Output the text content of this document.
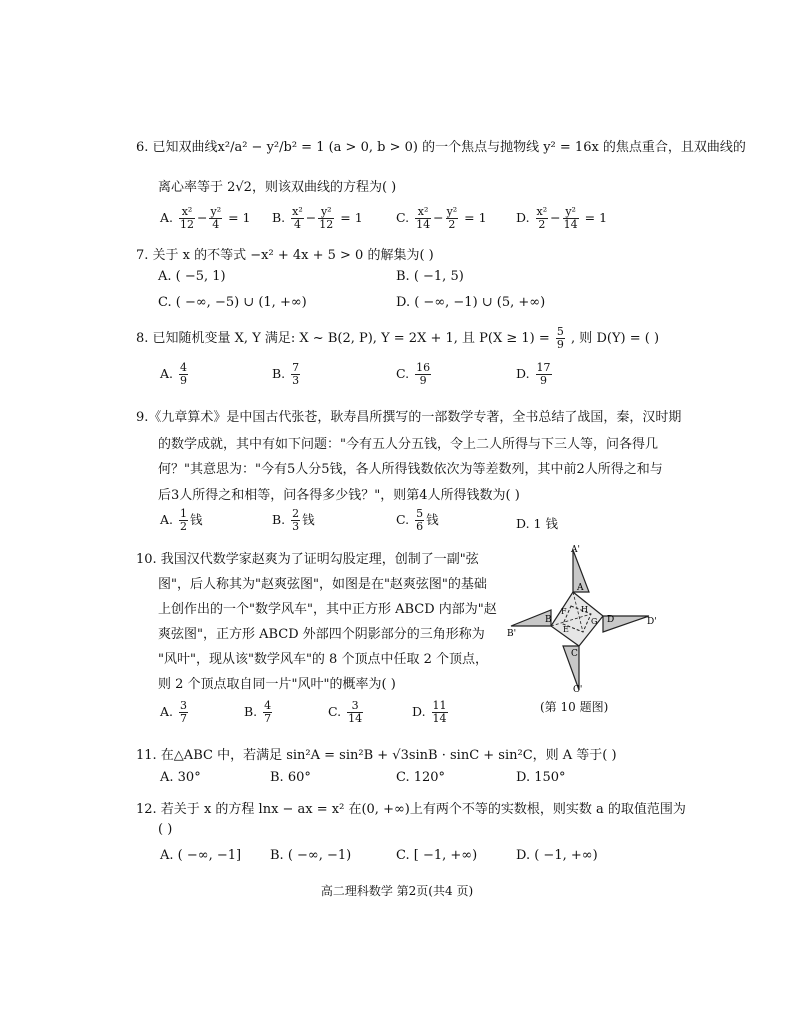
6. 已知双曲线x²/a² − y²/b² = 1 (a > 0, b > 0) 的一个焦点与抛物线 y² = 16x 的焦点重合，且双曲线的
离心率等于 2√2，则该双曲线的方程为( )
A. $\frac{\text{x²}}{12} - \frac{\text{y²}}{4} = 1$ B. $\frac{\text{x²}}{4} - \frac{\text{y²}}{12} = 1$	C. $\frac{\text{x²}}{14} - \frac{\text{y²}}{2} = 1$ D. $\frac{\text{x²}}{2} - \frac{\text{y²}}{14} = 1$
7. 关于 x 的不等式 −x² + 4x + 5 > 0 的解集为( )
A. ( −5, 1)	B. ( −1, 5)
C. ( −∞, −5) ∪ (1, +∞)	D. ( −∞, −1) ∪ (5, +∞)
8. 已知随机变量 X, Y 满足: X ~ B(2, P), Y = 2X + 1, 且 $P(X \ge 1) = \frac{5}{9}$ , 则 D(Y) = ( )
A. $\frac{4}{9}$	B. $\frac{7}{3}$	C. $\frac{16}{9}$	D. $\frac{17}{9}$
9.《九章算术》是中国古代张苍，耿寿昌所撰写的一部数学专著，全书总结了战国，秦，汉时期
的数学成就，其中有如下问题："今有五人分五钱，令上二人所得与下三人等，问各得几
何？"其意思为："今有5人分5钱，各人所得钱数依次为等差数列，其中前2人所得之和与
后3人所得之和相等，问各得多少钱？"，则第4人所得钱数为( )
A. $\frac{1}{2}$ 钱	B. $\frac{2}{3}$ 钱	C. $\frac{5}{6}$ 钱	D. 1 钱
10. 我国汉代数学家赵爽为了证明勾股定理，创制了一副"弦
图"，后人称其为"赵爽弦图"，如图是在"赵爽弦图"的基础
上创作出的一个"数学风车"，其中正方形 ABCD 内部为"赵
爽弦图"，正方形 ABCD 外部四个阴影部分的三角形称为
"风叶"，现从该"数学风车"的 8 个顶点中任取 2 个顶点，
则 2 个顶点取自同一片"风叶"的概率为( )
A. $\frac{3}{7}$	B. $\frac{4}{7}$	C. $\frac{3}{14}$	D. $\frac{11}{14}$
A'
A
B
B'
C
C'
D	D'
E
F
G
H
(第 10 题图)
11. 在△ABC 中，若满足 sin²A = sin²B + √3sinB · sinC + sin²C，则 A 等于( )
A. 30°	B. 60°	C. 120°	D. 150°
12. 若关于 x 的方程 lnx − ax = x² 在(0, +∞)上有两个不等的实数根，则实数 a 的取值范围为
( )
A. ( −∞, −1] B. ( −∞, −1)	C. [ −1, +∞)	D. ( −1, +∞)
高二理科数学 第2页(共4 页)
